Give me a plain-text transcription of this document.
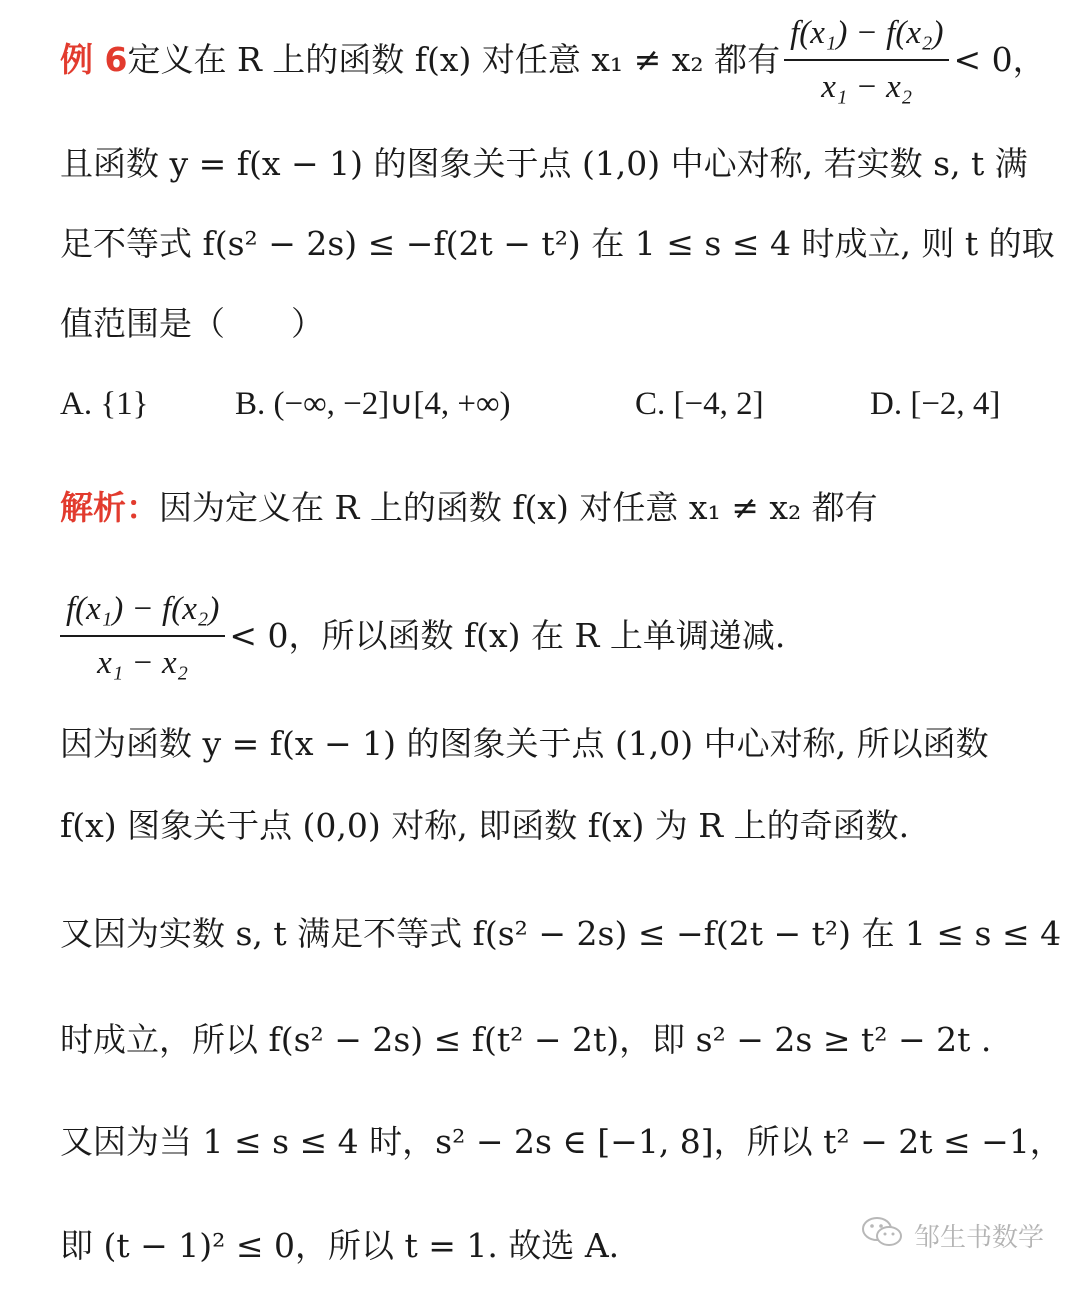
例 6 定义在 R 上的函数 f(x) 对任意 x₁ ≠ x₂ 都有 $\frac{\text{f(x₁) − f(x₂)}}{\text{x₁ − x₂}} < 0$，
且函数 y = f(x − 1) 的图象关于点 (1,0) 中心对称, 若实数 s, t 满
足不等式 f(s² − 2s) ≤ −f(2t − t²) 在 1 ≤ s ≤ 4 时成立, 则 t 的取
值范围是（　　）
A. {1}	B. (−∞, −2]∪[4, +∞)	C. [−4, 2]	D. [−2, 4]
解析： 因为定义在 R 上的函数 f(x) 对任意 x₁ ≠ x₂ 都有
$\frac{\text{f(x₁) − f(x₂)}}{\text{x₁ − x₂}} < 0$，所以函数 f(x) 在 R 上单调递减.
因为函数 y = f(x − 1) 的图象关于点 (1,0) 中心对称, 所以函数
f(x) 图象关于点 (0,0) 对称, 即函数 f(x) 为 R 上的奇函数.
又因为实数 s, t 满足不等式 f(s² − 2s) ≤ −f(2t − t²) 在 1 ≤ s ≤ 4
时成立，所以 f(s² − 2s) ≤ f(t² − 2t)，即 s² − 2s ≥ t² − 2t .
又因为当 1 ≤ s ≤ 4 时，s² − 2s ∈ [−1, 8]，所以 t² − 2t ≤ −1，
即 (t − 1)² ≤ 0，所以 t = 1. 故选 A.	邹生书数学
